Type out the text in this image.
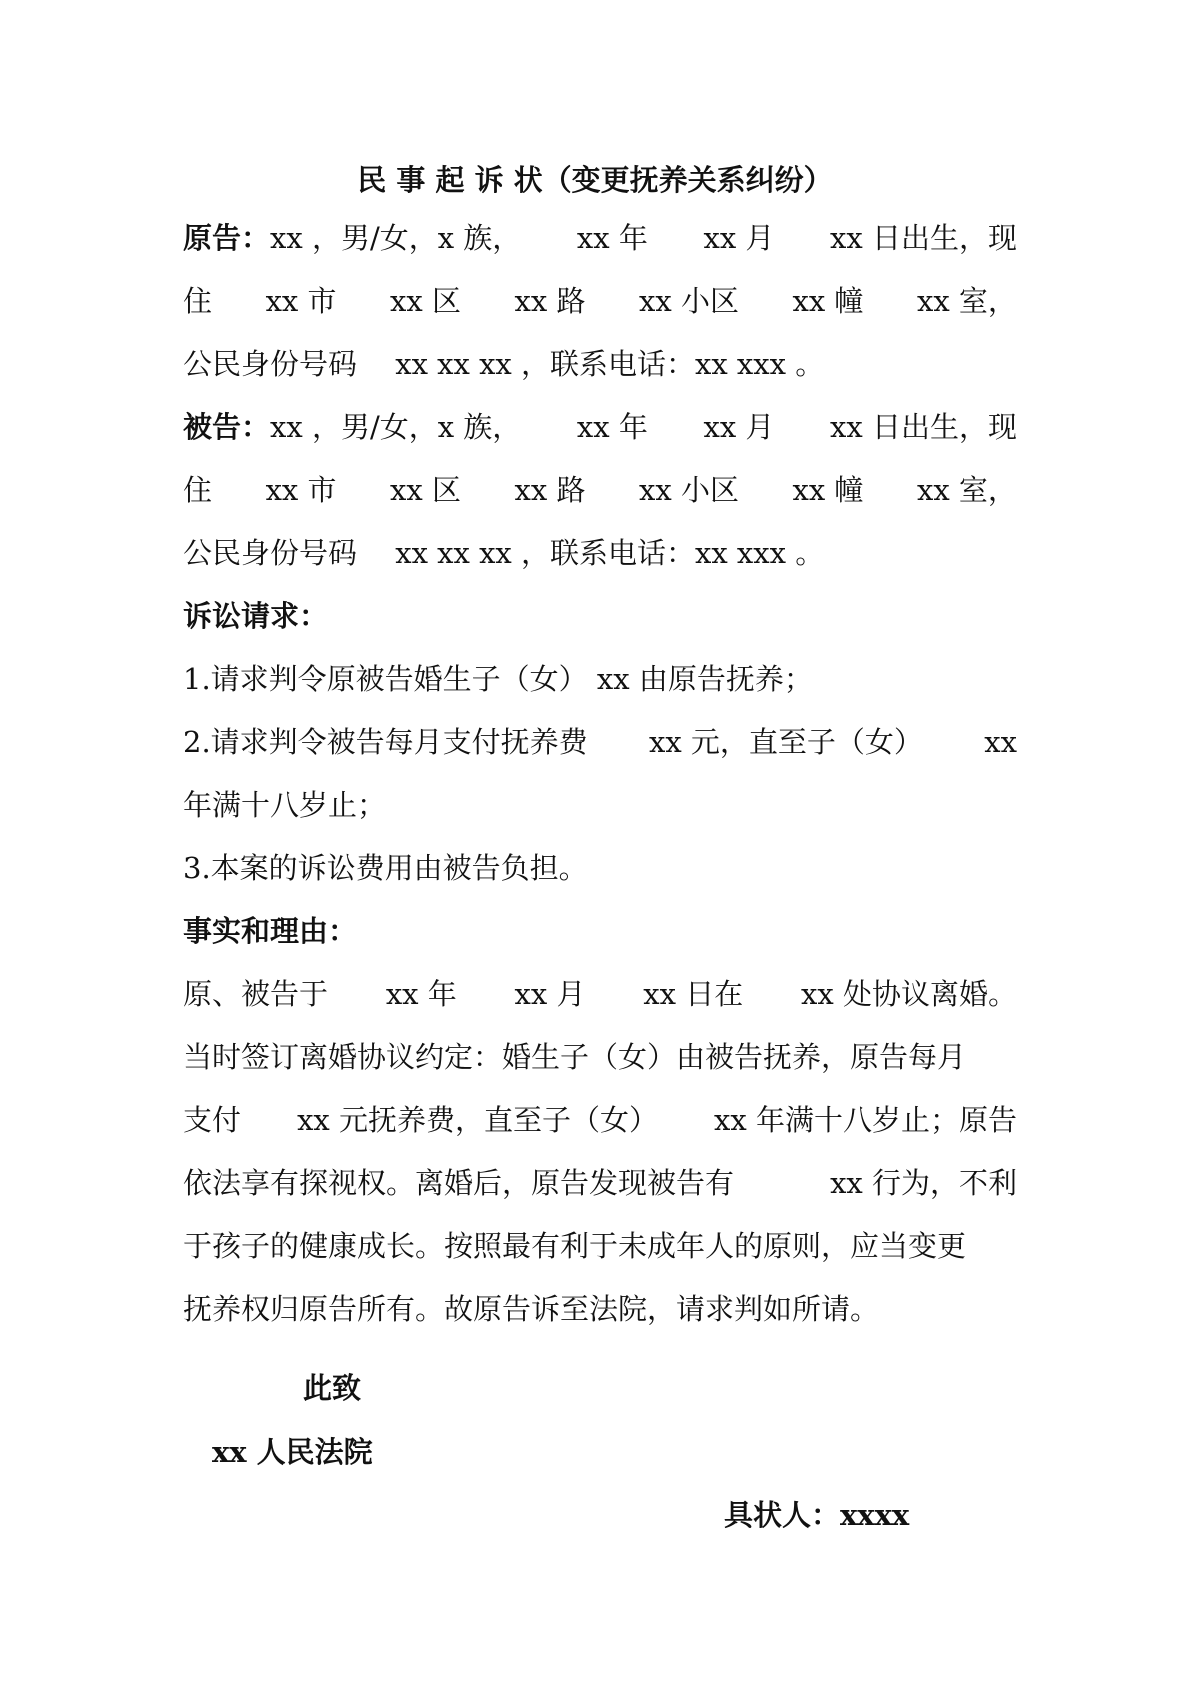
民 事 起 诉 状（变更抚养关系纠纷）
原告：xx ，男/女，x 族， xx 年 xx 月 xx 日出生，现
住 xx 市 xx 区 xx 路 xx 小区 xx 幢 xx 室，
公民身份号码　 xx xx xx ，联系电话：xx xxx 。
被告：xx ，男/女，x 族， xx 年 xx 月 xx 日出生，现
住 xx 市 xx 区 xx 路 xx 小区 xx 幢 xx 室，
公民身份号码　 xx xx xx ，联系电话：xx xxx 。
诉讼请求：
1.请求判令原被告婚生子（女） xx 由原告抚养；
2.请求判令被告每月支付抚养费 xx 元，直至子（女） xx
年满十八岁止；
3.本案的诉讼费用由被告负担。
事实和理由：
原、被告于 xx 年 xx 月 xx 日在 xx 处协议离婚。
当时签订离婚协议约定：婚生子（女）由被告抚养，原告每月
支付 xx 元抚养费，直至子（女） xx 年满十八岁止；原告
依法享有探视权。离婚后，原告发现被告有	xx 行为，不利
于孩子的健康成长。按照最有利于未成年人的原则，应当变更
抚养权归原告所有。故原告诉至法院，请求判如所请。
此致
xx 人民法院
具状人：xxxx
